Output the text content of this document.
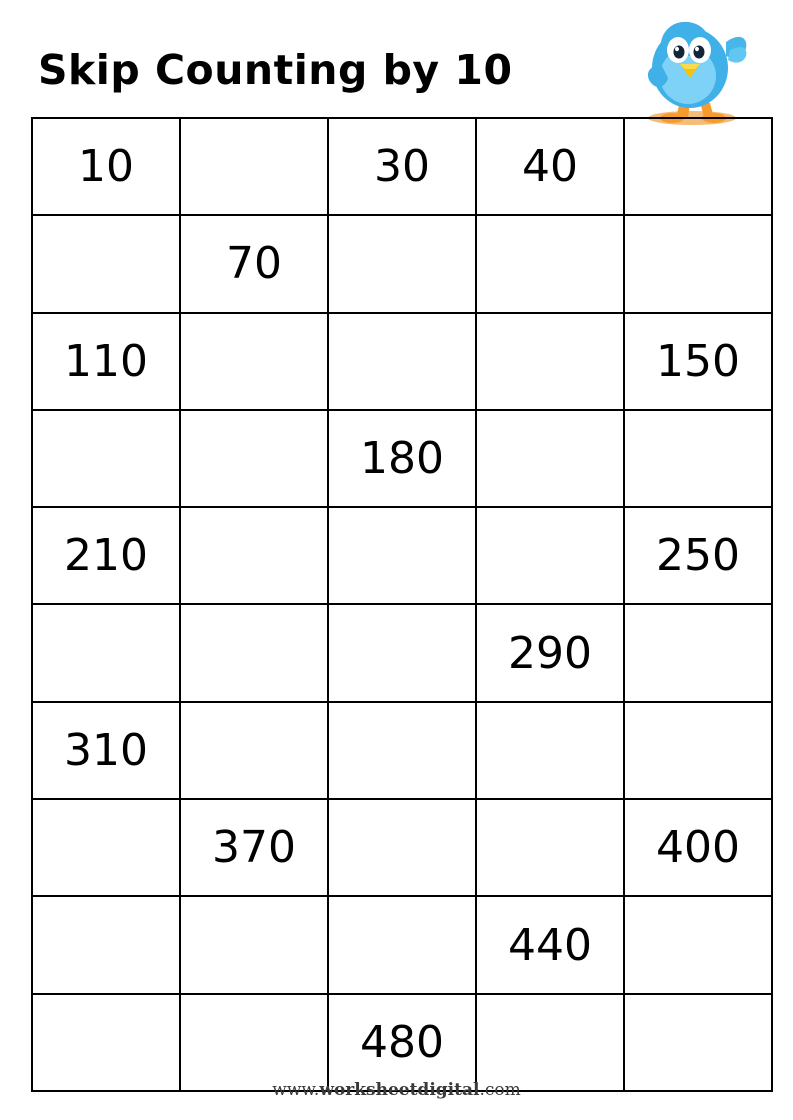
Skip Counting by 10
10		30	40	
	70			
110				150
		180		
210				250
			290	
310				
	370			400
			440	
		480		
www.worksheetdigital.com
